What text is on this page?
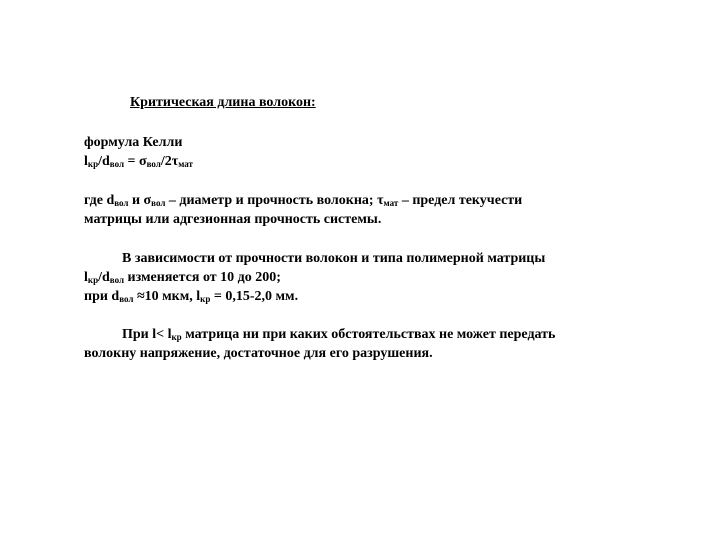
Критическая длина волокон:
формула Келли
$l_{кр}/d_{вол} = \sigma_{вол}/2\tau_{мат}$
где $d_{вол}$ и $\sigma_{вол}$ – диаметр и прочность волокна; $\tau_{мат}$ – предел текучести
матрицы или адгезионная прочность системы.
В зависимости от прочности волокон и типа полимерной матрицы
$l_{кр}/d_{вол}$ изменяется от 10 до 200;
при $d_{вол} \approx 10$ мкм, $l_{кр} = 0,15-2,0$ мм.
При $l< l_{кр}$ матрица ни при каких обстоятельствах не может передать
волокну напряжение, достаточное для его разрушения.
